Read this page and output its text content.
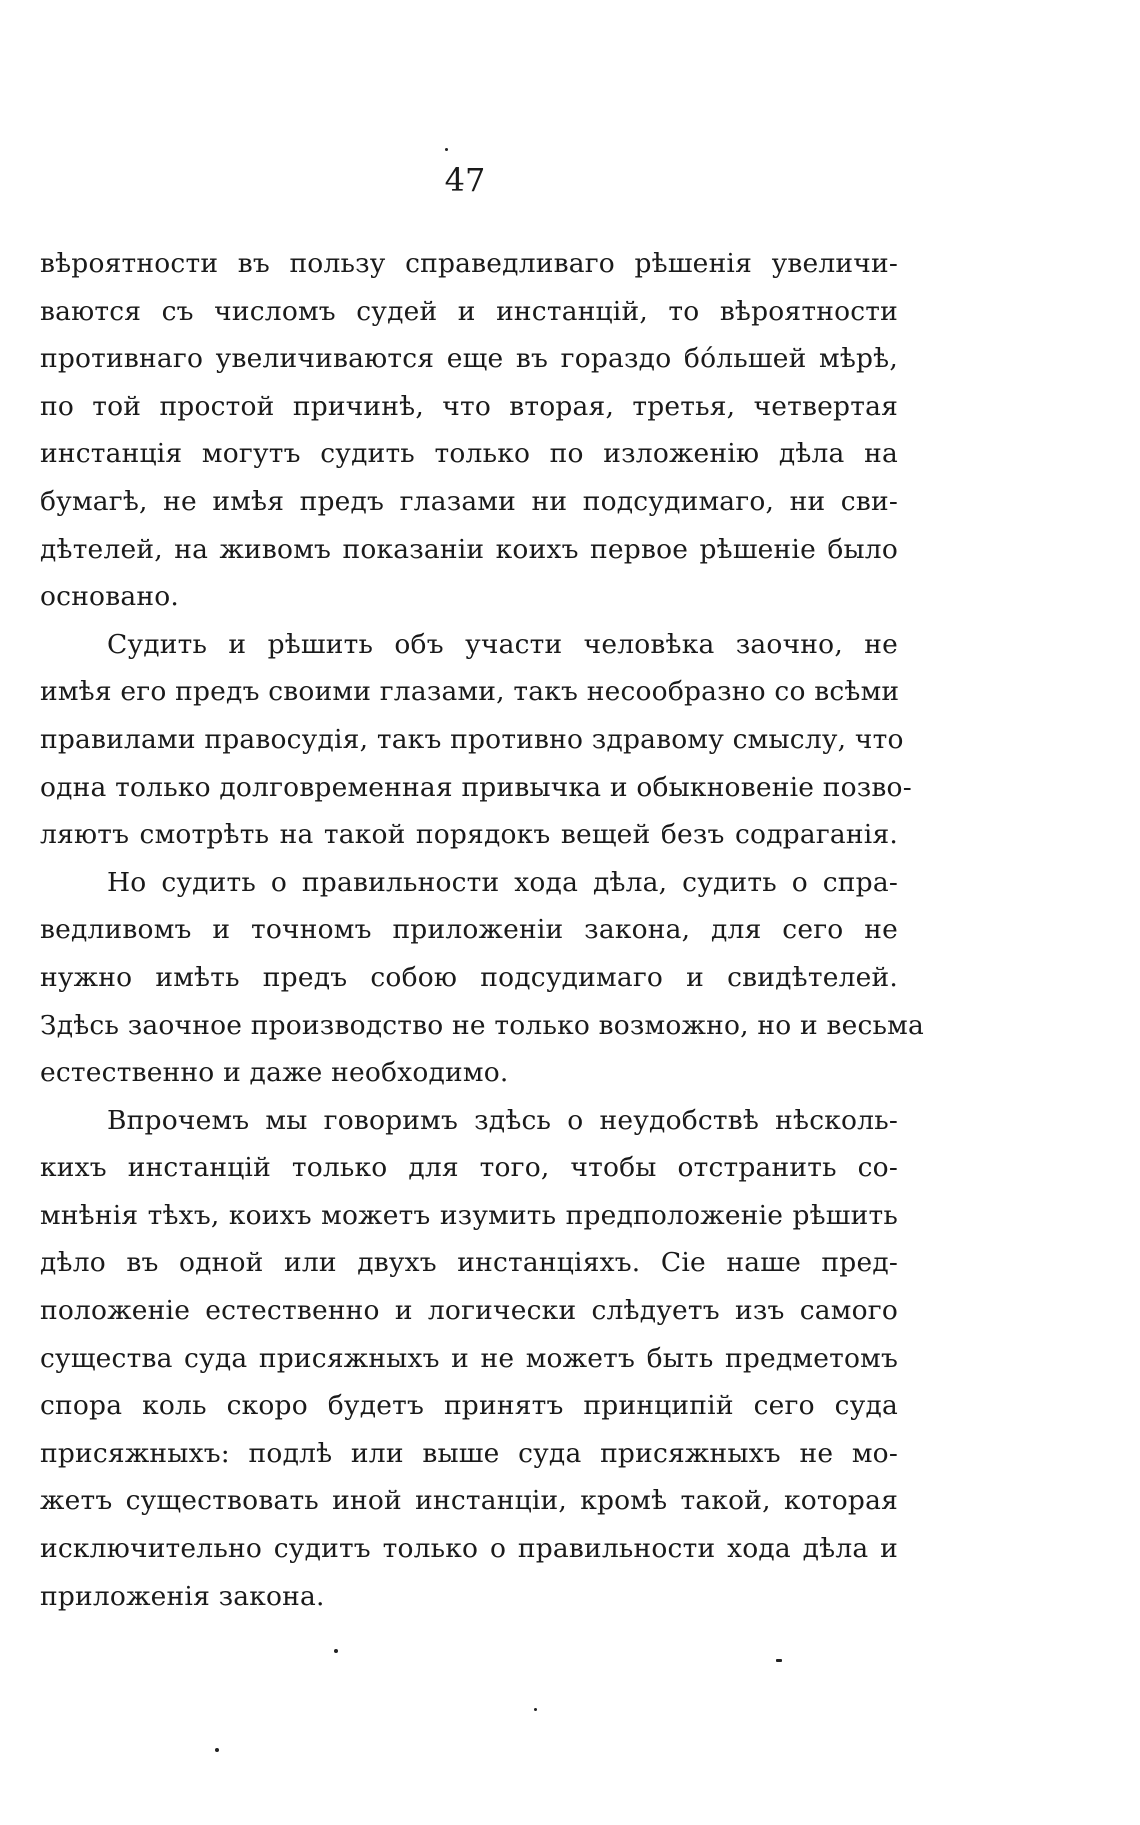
47
вѣроятности въ пользу справедливаго рѣшенія увеличи-
ваются съ числомъ судей и инстанцій, то вѣроятности
противнаго увеличиваются еще въ гораздо бо́льшей мѣрѣ,
по той простой причинѣ, что вторая, третья, четвертая
инстанція могутъ судить только по изложенію дѣла на
бумагѣ, не имѣя предъ глазами ни подсудимаго, ни сви-
дѣтелей, на живомъ показаніи коихъ первое рѣшеніе было
основано.
Судить и рѣшить объ участи человѣка заочно, не
имѣя его предъ своими глазами, такъ несообразно со всѣми
правилами правосудія, такъ противно здравому смыслу, что
одна только долговременная привычка и обыкновеніе позво-
ляютъ смотрѣть на такой порядокъ вещей безъ содраганія.
Но судить о правильности хода дѣла, судить о спра-
ведливомъ и точномъ приложеніи закона, для сего не
нужно имѣть предъ собою подсудимаго и свидѣтелей.
Здѣсь заочное производство не только возможно, но и весьма
естественно и даже необходимо.
Впрочемъ мы говоримъ здѣсь о неудобствѣ нѣсколь-
кихъ инстанцій только для того, чтобы отстранить со-
мнѣнія тѣхъ, коихъ можетъ изумить предположеніе рѣшить
дѣло въ одной или двухъ инстанціяхъ. Сіе наше пред-
положеніе естественно и логически слѣдуетъ изъ самого
существа суда присяжныхъ и не можетъ быть предметомъ
спора коль скоро будетъ принятъ принципій сего суда
присяжныхъ: подлѣ или выше суда присяжныхъ не мо-
жетъ существовать иной инстанціи, кромѣ такой, которая
исключительно судитъ только о правильности хода дѣла и
приложенія закона.
